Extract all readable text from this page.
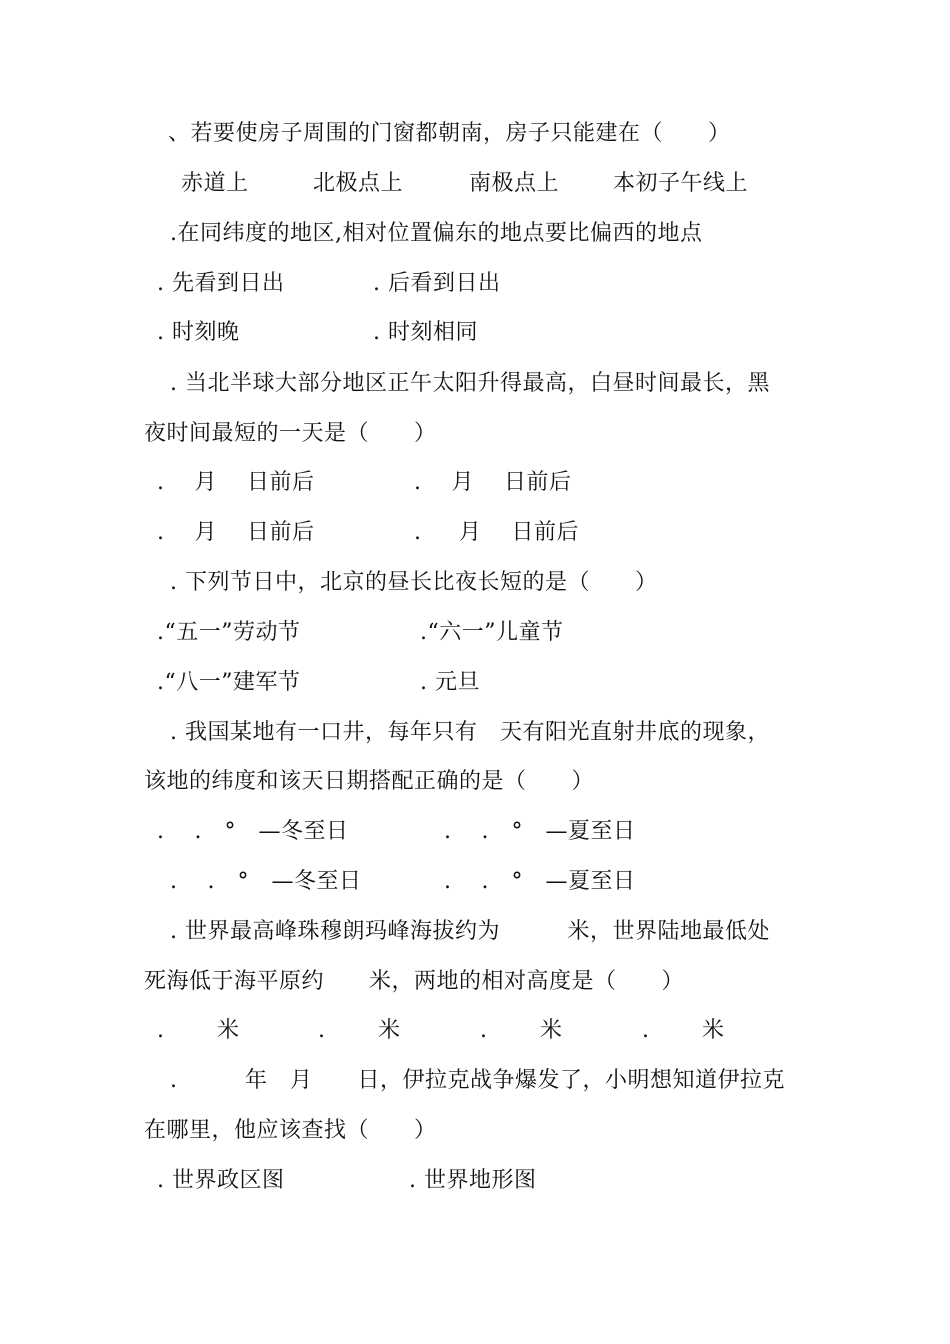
、若要使房子周围的门窗都朝南，房子只能建在（　　）
赤道上	北极点上	南极点上 本初子午线上
.在同纬度的地区,相对位置偏东的地点要比偏西的地点
. 先看到日出	. 后看到日出
. 时刻晚	. 时刻相同
. 当北半球大部分地区正午太阳升得最高，白昼时间最长，黑
夜时间最短的一天是（　　）
.　 月　 日前后	.　 月　 日前后
.　 月　 日前后	.　  月　 日前后
. 下列节日中，北京的昼长比夜长短的是（　　）
.“五一”劳动节	.“六一”儿童节
.“八一”建军节	. 元旦
. 我国某地有一口井，每年只有　天有阳光直射井底的现象，
该地的纬度和该天日期搭配正确的是（　　）
.　 .　°　—冬至日	.　 .　°　—夏至日
.　 .　°　—冬至日	.　 .　°　—夏至日
. 世界最高峰珠穆朗玛峰海拔约为　　　米，世界陆地最低处
死海低于海平原约　　米，两地的相对高度是（　　）
.　　 米	.　　 米	.　　 米	.　　 米
.　　　年　月　　日，伊拉克战争爆发了，小明想知道伊拉克
在哪里，他应该查找（　　）
. 世界政区图	. 世界地形图
